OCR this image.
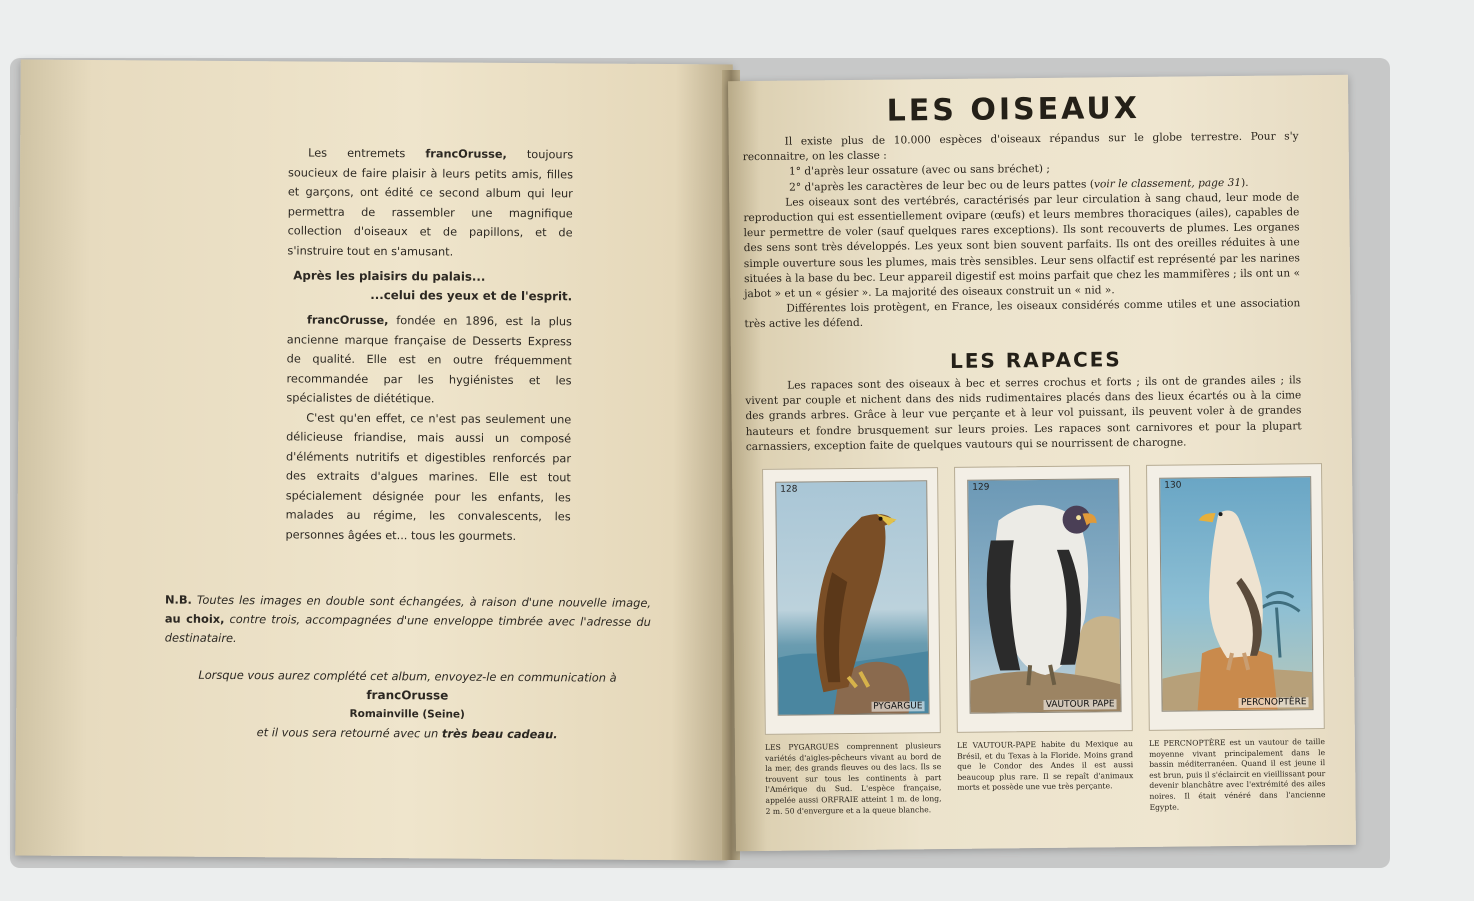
Les entremets francOrusse, toujours soucieux de faire plaisir à leurs petits amis, filles et garçons, ont édité ce second album qui leur permettra de rassembler une magnifique collection d'oiseaux et de papillons, et de s'instruire tout en s'amusant.

Après les plaisirs du palais...
...celui des yeux et de l'esprit.

francOrusse, fondée en 1896, est la plus ancienne marque française de Desserts Express de qualité. Elle est en outre fréquemment recommandée par les hygiénistes et les spécialistes de diététique.

C'est qu'en effet, ce n'est pas seulement une délicieuse friandise, mais aussi un composé d'éléments nutritifs et digestibles renforcés par des extraits d'algues marines. Elle est tout spécialement désignée pour les enfants, les malades au régime, les convalescents, les personnes âgées et... tous les gourmets.

N.B. Toutes les images en double sont échangées, à raison d'une nouvelle image, au choix, contre trois, accompagnées d'une enveloppe timbrée avec l'adresse du destinataire.
Lorsque vous aurez complété cet album, envoyez-le en communication à
francOrusse
Romainville (Seine)
et il vous sera retourné avec un très beau cadeau.
LES OISEAUX

Il existe plus de 10.000 espèces d'oiseaux répandus sur le globe terrestre. Pour s'y reconnaitre, on les classe :

1° d'après leur ossature (avec ou sans bréchet) ;

2° d'après les caractères de leur bec ou de leurs pattes (voir le classement, page 31).

Les oiseaux sont des vertébrés, caractérisés par leur circulation à sang chaud, leur mode de reproduction qui est essentiellement ovipare (œufs) et leurs membres thoraciques (ailes), capables de leur permettre de voler (sauf quelques rares exceptions). Ils sont recouverts de plumes. Les organes des sens sont très développés. Les yeux sont bien souvent parfaits. Ils ont des oreilles réduites à une simple ouverture sous les plumes, mais très sensibles. Leur sens olfactif est représenté par les narines situées à la base du bec. Leur appareil digestif est moins parfait que chez les mammifères ; ils ont un « jabot » et un « gésier ». La majorité des oiseaux construit un « nid ».

Différentes lois protègent, en France, les oiseaux considérés comme utiles et une association très active les défend.

LES RAPACES

Les rapaces sont des oiseaux à bec et serres crochus et forts ; ils ont de grandes ailes ; ils vivent par couple et nichent dans des nids rudimentaires placés dans des lieux écartés ou à la cime des grands arbres. Grâce à leur vue perçante et à leur vol puissant, ils peuvent voler à de grandes hauteurs et fondre brusquement sur leurs proies. Les rapaces sont carnivores et pour la plupart carnassiers, exception faite de quelques vautours qui se nourrissent de charogne.

128
PYGARGUE
129
VAUTOUR PAPE
130
PERCNOPTÈRE
LES PYGARGUES comprennent plusieurs variétés d'aigles-pêcheurs vivant au bord de la mer, des grands fleuves ou des lacs. Ils se trouvent sur tous les continents à part l'Amérique du Sud. L'espèce française, appelée aussi ORFRAIE atteint 1 m. de long, 2 m. 50 d'envergure et a la queue blanche.
LE VAUTOUR-PAPE habite du Mexique au Brésil, et du Texas à la Floride. Moins grand que le Condor des Andes il est aussi beaucoup plus rare. Il se repaît d'animaux morts et possède une vue très perçante.
LE PERCNOPTÈRE est un vautour de taille moyenne vivant principalement dans le bassin méditerranéen. Quand il est jeune il est brun, puis il s'éclaircit en vieillissant pour devenir blanchâtre avec l'extrémité des ailes noires. Il était vénéré dans l'ancienne Egypte.
